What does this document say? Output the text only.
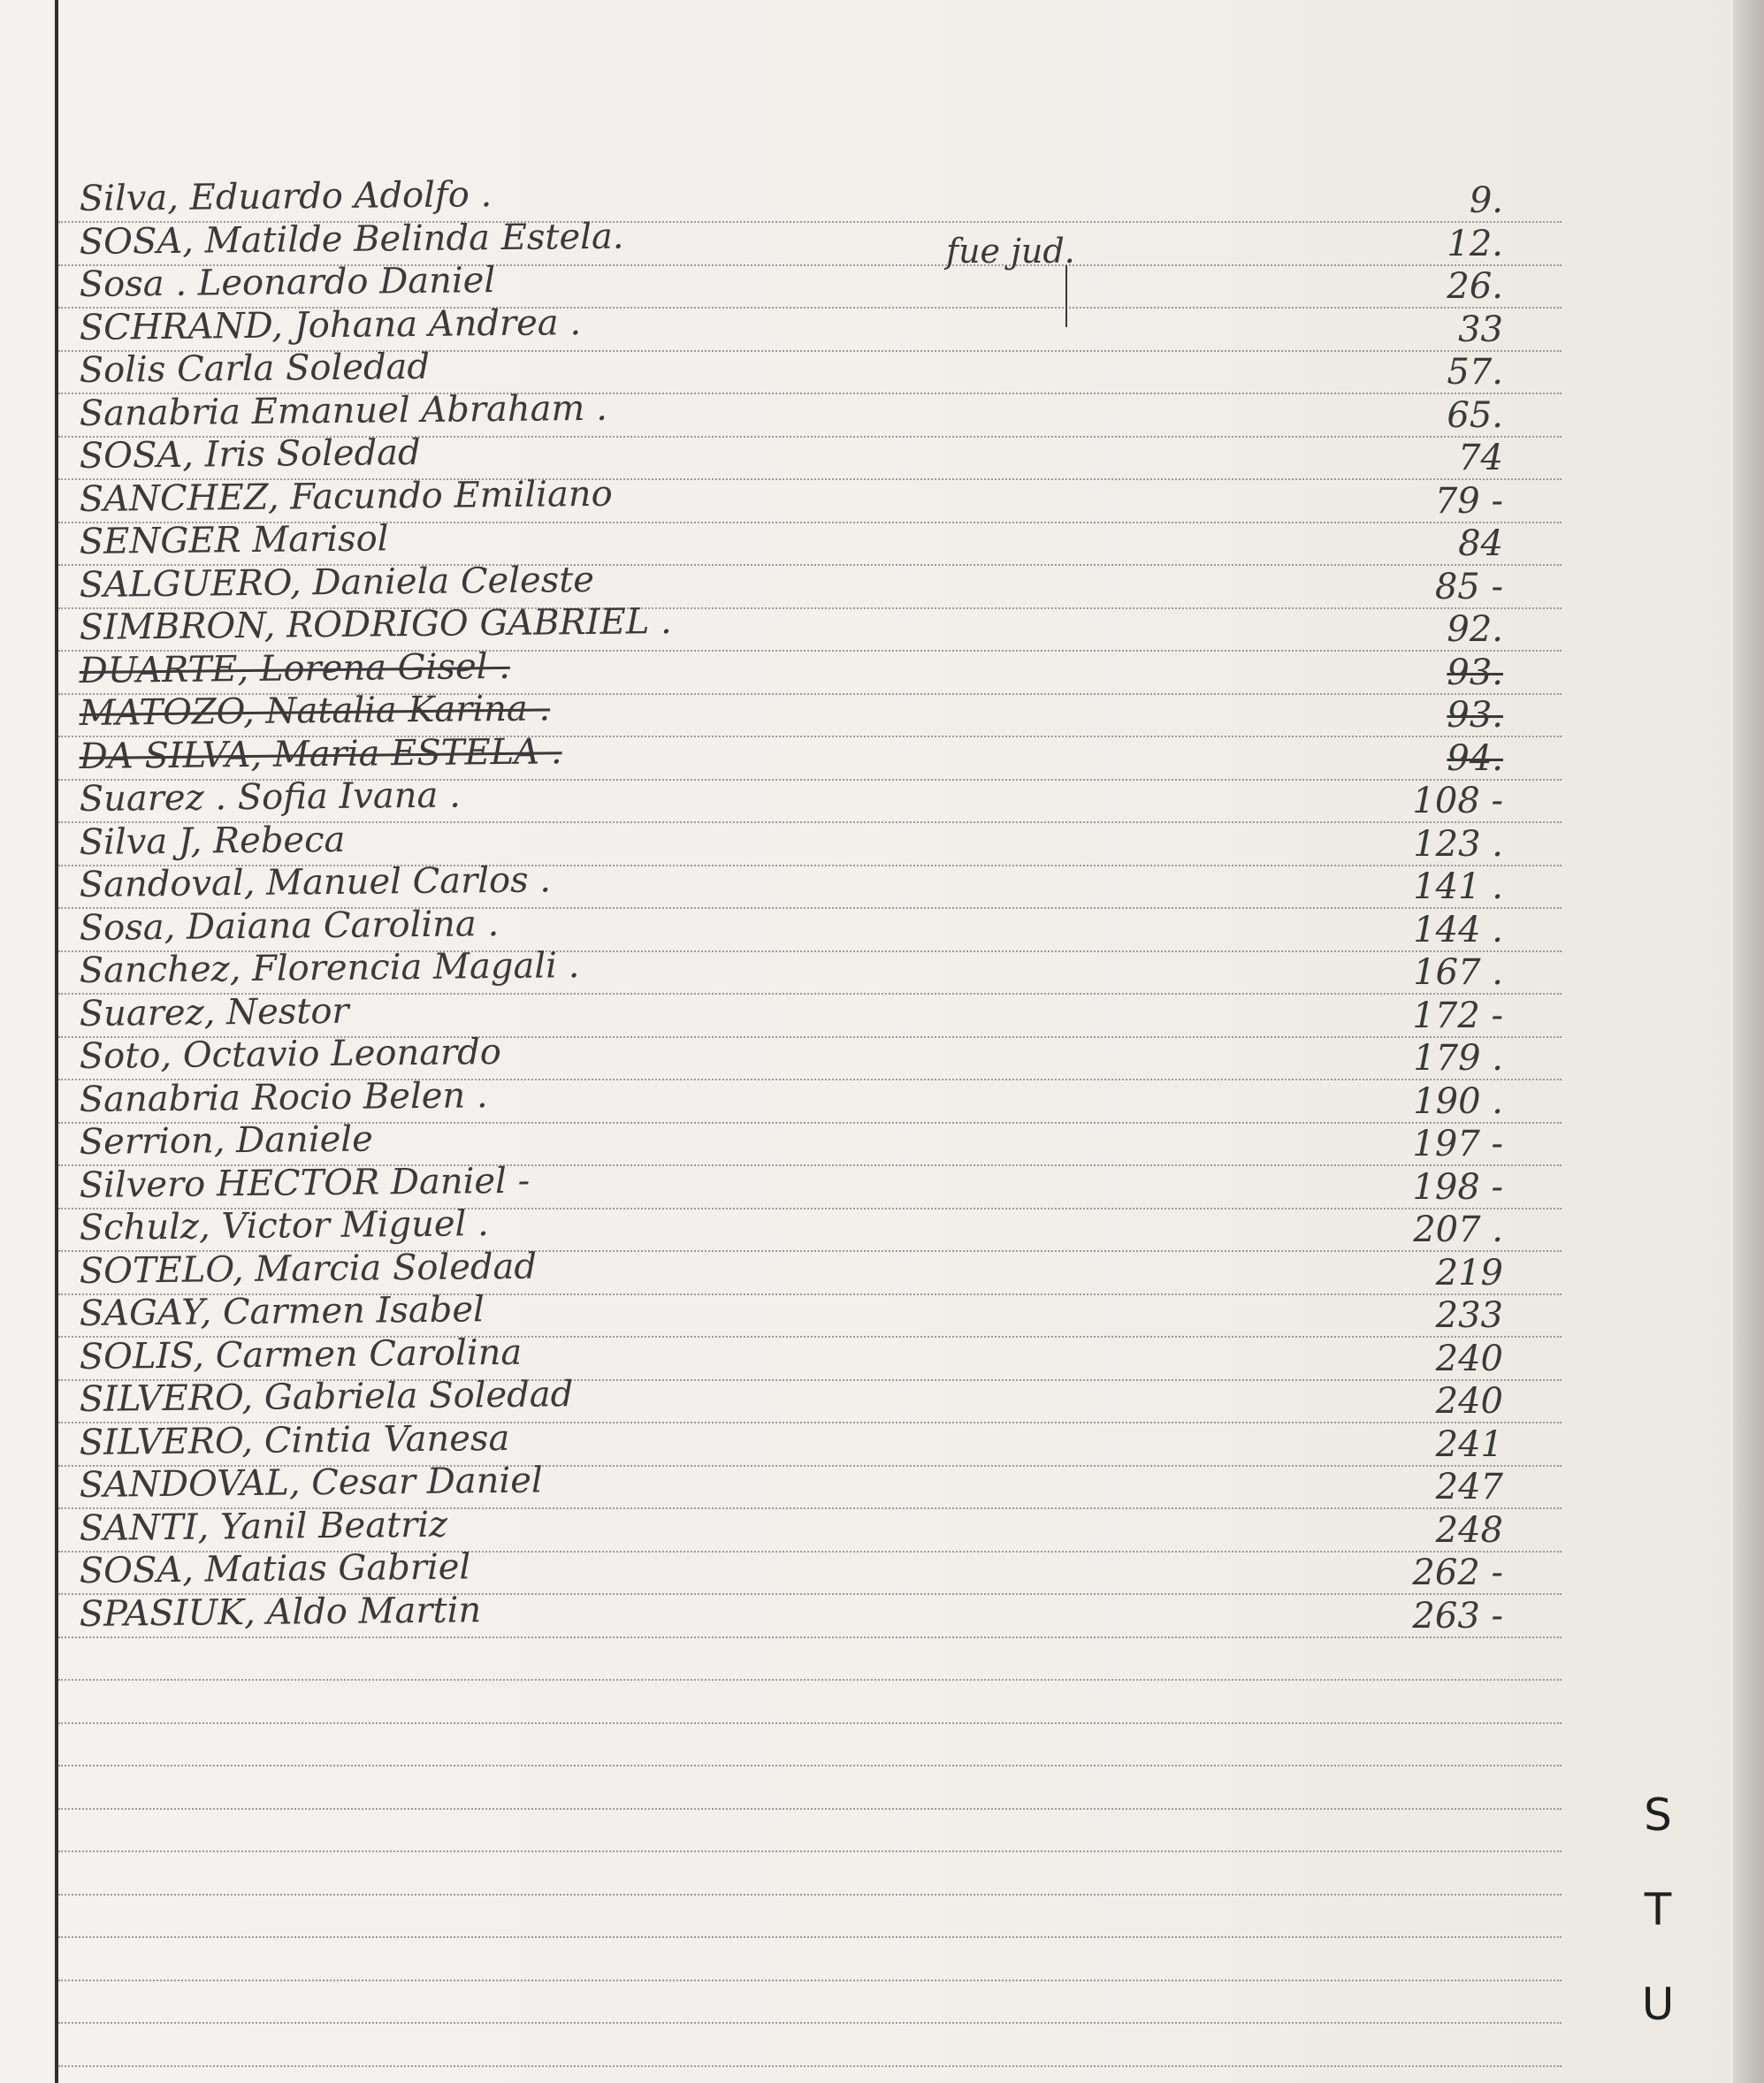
Silva, Eduardo Adolfo .	9.
SOSA, Matilde Belinda Estela.	12.
Sosa . Leonardo Daniel	26.
SCHRAND, Johana Andrea .	33
Solis Carla Soledad	57.
Sanabria Emanuel Abraham .	65.
SOSA, Iris Soledad	74
SANCHEZ, Facundo Emiliano	79 -
SENGER Marisol	84
SALGUERO, Daniela Celeste	85 -
SIMBRON, RODRIGO GABRIEL .	92.
DUARTE, Lorena Gisel .	93.
MATOZO, Natalia Karina .	93.
DA SILVA, Maria ESTELA .	94.
Suarez . Sofia Ivana .	108 -
Silva J, Rebeca	123 .
Sandoval, Manuel Carlos .	141 .
Sosa, Daiana Carolina .	144 .
Sanchez, Florencia Magali .	167 .
Suarez, Nestor	172 -
Soto, Octavio Leonardo	179 .
Sanabria Rocio Belen .	190 .
Serrion, Daniele	197 -
Silvero HECTOR Daniel -	198 -
Schulz, Victor Miguel .	207 .
SOTELO, Marcia Soledad	219
SAGAY, Carmen Isabel	233
SOLIS, Carmen Carolina	240
SILVERO, Gabriela Soledad	240
SILVERO, Cintia Vanesa	241
SANDOVAL, Cesar Daniel	247
SANTI, Yanil Beatriz	248
SOSA, Matias Gabriel	262 -
SPASIUK, Aldo Martin	263 -
fue jud.
S
T
U
